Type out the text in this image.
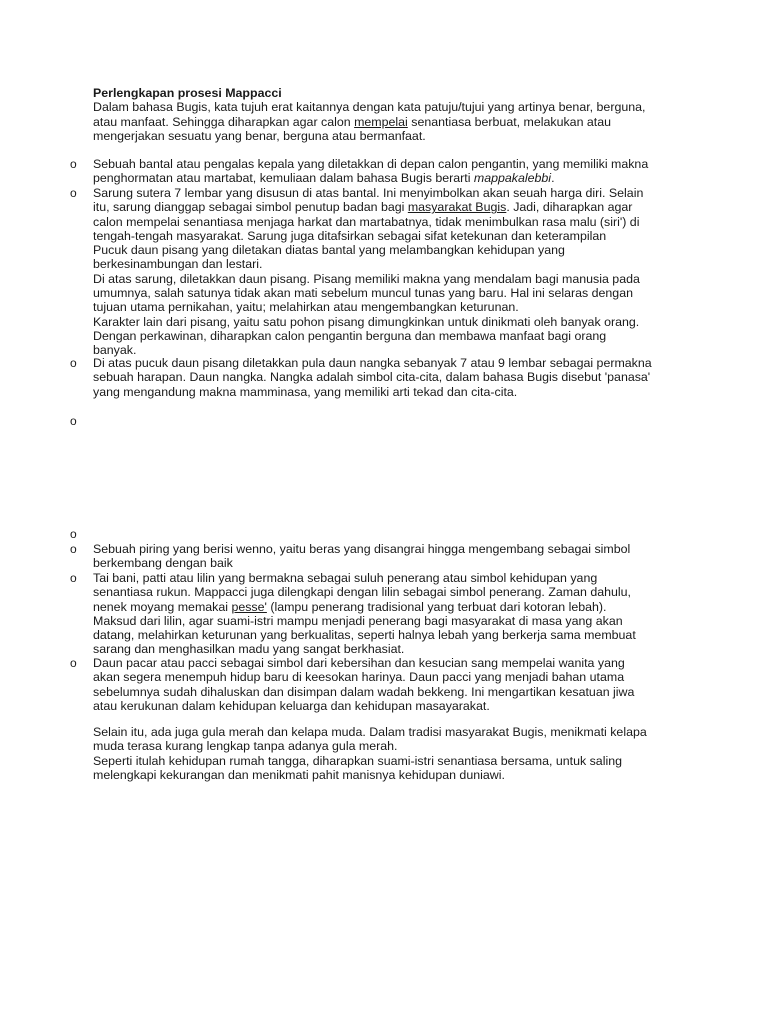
Perlengkapan prosesi Mappacci
Dalam bahasa Bugis, kata tujuh erat kaitannya dengan kata patuju/tujui yang artinya benar, berguna,
atau manfaat. Sehingga diharapkan agar calon mempelai senantiasa berbuat, melakukan atau
mengerjakan sesuatu yang benar, berguna atau bermanfaat.
o Sebuah bantal atau pengalas kepala yang diletakkan di depan calon pengantin, yang memiliki makna
penghormatan atau martabat, kemuliaan dalam bahasa Bugis berarti mappakalebbi.
o Sarung sutera 7 lembar yang disusun di atas bantal. Ini menyimbolkan akan seuah harga diri. Selain
itu, sarung dianggap sebagai simbol penutup badan bagi masyarakat Bugis. Jadi, diharapkan agar
calon mempelai senantiasa menjaga harkat dan martabatnya, tidak menimbulkan rasa malu (siri') di
tengah-tengah masyarakat. Sarung juga ditafsirkan sebagai sifat ketekunan dan keterampilan
Pucuk daun pisang yang diletakan diatas bantal yang melambangkan kehidupan yang
berkesinambungan dan lestari.
Di atas sarung, diletakkan daun pisang. Pisang memiliki makna yang mendalam bagi manusia pada
umumnya, salah satunya tidak akan mati sebelum muncul tunas yang baru. Hal ini selaras dengan
tujuan utama pernikahan, yaitu; melahirkan atau mengembangkan keturunan.
Karakter lain dari pisang, yaitu satu pohon pisang dimungkinkan untuk dinikmati oleh banyak orang.
Dengan perkawinan, diharapkan calon pengantin berguna dan membawa manfaat bagi orang
banyak.
o Di atas pucuk daun pisang diletakkan pula daun nangka sebanyak 7 atau 9 lembar sebagai permakna
sebuah harapan. Daun nangka. Nangka adalah simbol cita-cita, dalam bahasa Bugis disebut 'panasa'
yang mengandung makna mamminasa, yang memiliki arti tekad dan cita-cita.
o
o
o Sebuah piring yang berisi wenno, yaitu beras yang disangrai hingga mengembang sebagai simbol
berkembang dengan baik
o Tai bani, patti atau lilin yang bermakna sebagai suluh penerang atau simbol kehidupan yang
senantiasa rukun. Mappacci juga dilengkapi dengan lilin sebagai simbol penerang. Zaman dahulu,
nenek moyang memakai pesse' (lampu penerang tradisional yang terbuat dari kotoran lebah).
Maksud dari lilin, agar suami-istri mampu menjadi penerang bagi masyarakat di masa yang akan
datang, melahirkan keturunan yang berkualitas, seperti halnya lebah yang berkerja sama membuat
sarang dan menghasilkan madu yang sangat berkhasiat.
o Daun pacar atau pacci sebagai simbol dari kebersihan dan kesucian sang mempelai wanita yang
akan segera menempuh hidup baru di keesokan harinya. Daun pacci yang menjadi bahan utama
sebelumnya sudah dihaluskan dan disimpan dalam wadah bekkeng. Ini mengartikan kesatuan jiwa
atau kerukunan dalam kehidupan keluarga dan kehidupan masayarakat.
Selain itu, ada juga gula merah dan kelapa muda. Dalam tradisi masyarakat Bugis, menikmati kelapa
muda terasa kurang lengkap tanpa adanya gula merah.
Seperti itulah kehidupan rumah tangga, diharapkan suami-istri senantiasa bersama, untuk saling
melengkapi kekurangan dan menikmati pahit manisnya kehidupan duniawi.
